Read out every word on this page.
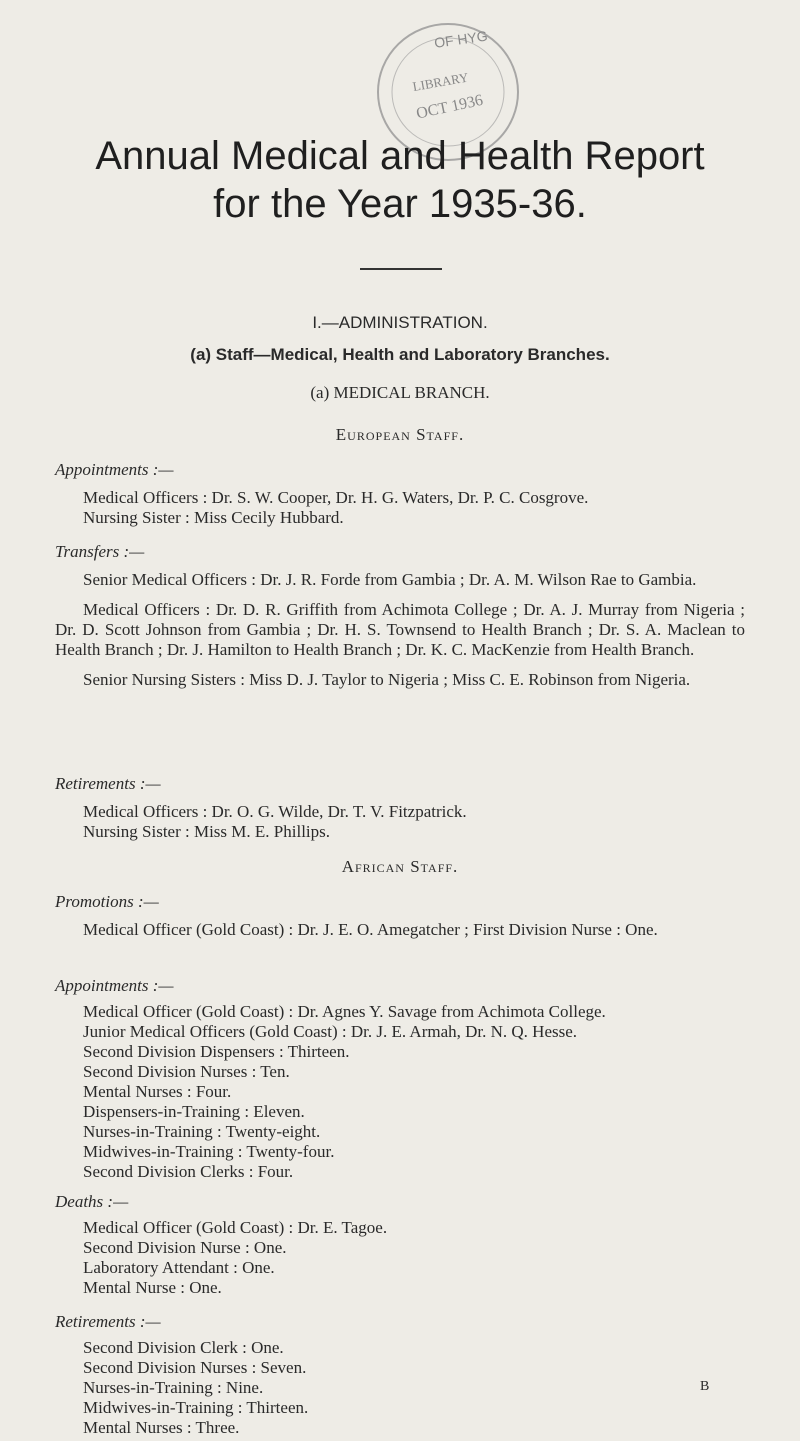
OF HYG
LIBRARY
OCT 1936
Annual Medical and Health Report
for the Year 1935-36.
I.—ADMINISTRATION.
(a) Staff—Medical, Health and Laboratory Branches.
(a) MEDICAL BRANCH.
European Staff.
Appointments :—
Medical Officers : Dr. S. W. Cooper, Dr. H. G. Waters, Dr. P. C. Cosgrove.
Nursing Sister : Miss Cecily Hubbard.
Transfers :—
Senior Medical Officers : Dr. J. R. Forde from Gambia ; Dr. A. M. Wilson Rae to Gambia.
Medical Officers : Dr. D. R. Griffith from Achimota College ; Dr. A. J. Murray from Nigeria ; Dr. D. Scott Johnson from Gambia ; Dr. H. S. Townsend to Health Branch ; Dr. S. A. Maclean to Health Branch ; Dr. J. Hamilton to Health Branch ; Dr. K. C. MacKenzie from Health Branch.
Senior Nursing Sisters : Miss D. J. Taylor to Nigeria ; Miss C. E. Robinson from Nigeria.
Retirements :—
Medical Officers : Dr. O. G. Wilde, Dr. T. V. Fitzpatrick.
Nursing Sister : Miss M. E. Phillips.
African Staff.
Promotions :—
Medical Officer (Gold Coast) : Dr. J. E. O. Amegatcher ; First Division Nurse : One.
Appointments :—
Medical Officer (Gold Coast) : Dr. Agnes Y. Savage from Achimota College.
Junior Medical Officers (Gold Coast) : Dr. J. E. Armah, Dr. N. Q. Hesse.
Second Division Dispensers : Thirteen.
Second Division Nurses : Ten.
Mental Nurses : Four.
Dispensers-in-Training : Eleven.
Nurses-in-Training : Twenty-eight.
Midwives-in-Training : Twenty-four.
Second Division Clerks : Four.
Deaths :—
Medical Officer (Gold Coast) : Dr. E. Tagoe.
Second Division Nurse : One.
Laboratory Attendant : One.
Mental Nurse : One.
Retirements :—
Second Division Clerk : One.
Second Division Nurses : Seven.
Nurses-in-Training : Nine.
Midwives-in-Training : Thirteen.
Mental Nurses : Three.
B
